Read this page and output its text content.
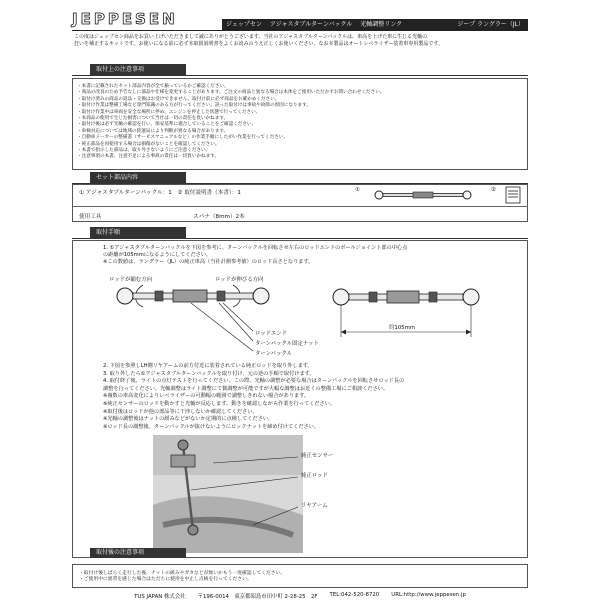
JEPPESEN	ジェップセン	アジャスタブルターンバックル	光軸調整リンク	ジープ ラングラー（JL）
この度はジェップセン商品をお買い上げいただきまして誠にありがとうございます。当社のアジャスタブルターンバックルは、車高を上げた車に生じる光軸の
狂いを補正するキットです。お使いになる前に必ず本取扱説明書をよくお読みのうえ正しくお使いください。なお本製品はオートレベライザー装着車専用製品です。
取付上の注意事項
・本書に記載されたセット部品内容が全て揃っているかご確認ください。
・商品の改良のため予告なしに部品や仕様を変更することがあります。ご注文の商品と異なる場合は本体をご使用いただかずお問い合わせください。
・取付け済みの商品の返品・交換はお受けできません。取付け前に必ず商品をお確かめください。
・取付け作業は整備工場など専門知識のある方が行ってください。誤った取付けは事故や故障の原因になります。
・取付け作業中は車両を安全な場所に停め、エンジンを停止した状態で行ってください。
・本商品の使用で生じた損害について当社は一切の責任を負いかねます。
・取付け後は必ず光軸の確認を行い、保安基準に適合していることをご確認ください。
・車検対応については地域の陸運局により判断が異なる場合があります。
・自動車メーカーの整備書（サービスマニュアルなど）の作業手順にしたがい作業を行ってください。
・純正部品を再使用する場合は損傷がないことを確認してください。
・本書で指示した部品は、取り外さないようにご注意ください。
・注意事項の本書、注意不足による事故の責任は一切負いかねます。
セット部品内容
① アジャスタブルターンバックル：1　② 取付説明書（本書）：1	①	②
使用工具	スパナ（8mm）2本
取付手順
1. ①アジャスタブルターンバックルを下図を参考に、ターンバックルを回転させ左右のロッドエンドのボールジョイント部の中心点
の距離が105mmになるようにしてください。
※この数値は、ラングラー（JL）の純正車高（当社計測参考値）のロッド長さとなります。
ロッドが縮む方向	ロッドが伸びる方向
ロッドエンド
ターンバックル固定ナット
ターンバックル
約105mm
2. 下図を参照しLH側リヤアームの前方付近に装着されている純正ロッドを取り外します。
3. 取り外したら①アジャスタブルターンバックルを取り付け、元の逆の手順で取付けます。
4. 取付終了後、ライトの点灯テストを行ってください。この際、光軸の調整が必要な場合はターンバックルを回転させロッド長の
調整を行ってください。光軸調整はライト調整にて微調整が可能ですが大幅な調整はお近くの整備工場にご相談ください。
※複数の車高変化によりレベライザーの可動幅の範囲で調整しきれない場合があります。
※純正センサーのロッドを動かすと光軸が反応します。動きを確認しながら作業を行ってください。
※取付後はロッドが他の部品等に干渉しないか確認してください。
※光軸の調整後はナットの緩みなどがないか定期的に点検してください。
※ロッド長の調整後、ターンバックルが抜けないようにロックナットを締め付けてください。
純正センサー
純正ロッド
リヤアーム
取付後の注意事項
・取付け後しばらく走行した後、ナットの緩みやガタなどが無いかもう一度確認してください。
・ご使用中に異常を感じた場合はただちに使用を中止し点検を行ってください。
TUS JAPAN 株式会社 〒196-0014　東京都昭島市田中町 2-28-25　2F TEL:042-520-8720 URL:http://www.jeppesen.jp
